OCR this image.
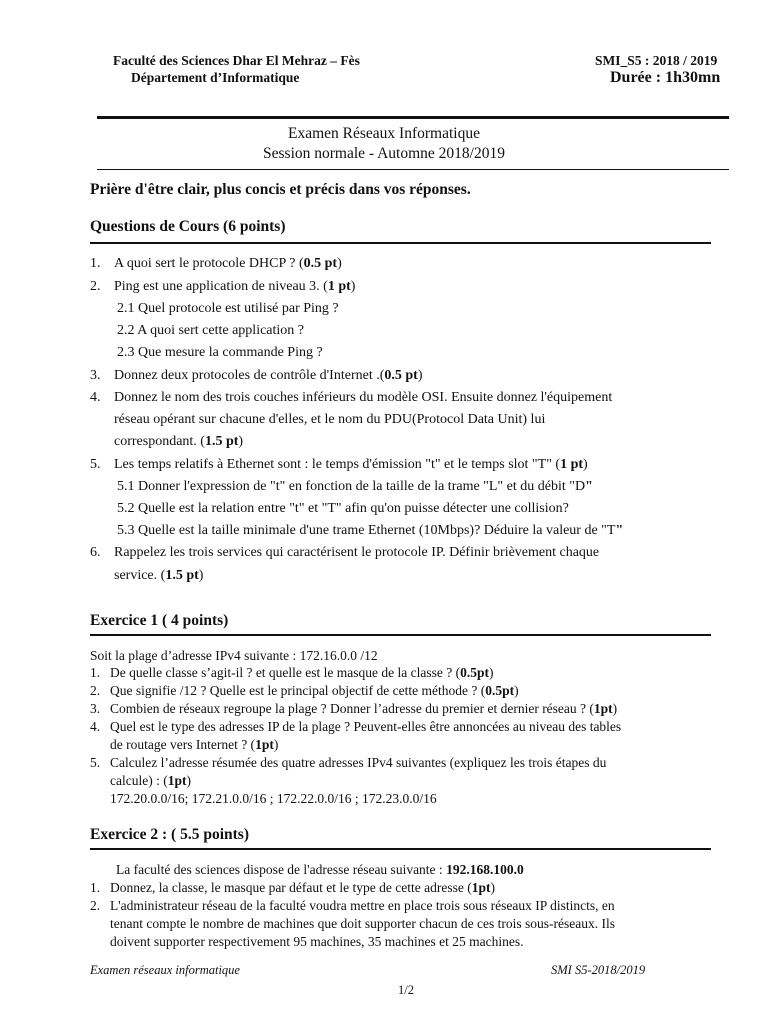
Faculté des Sciences Dhar El Mehraz – Fès
Département d’Informatique
SMI_S5 : 2018 / 2019
Durée : 1h30mn
Examen Réseaux Informatique
Session normale - Automne 2018/2019
Prière d'être clair, plus concis et précis dans vos réponses.
Questions de Cours (6 points)
1. A quoi sert le protocole DHCP ? (0.5 pt)
2. Ping est une application de niveau 3. (1 pt)
2.1 Quel protocole est utilisé par Ping ?
2.2 A quoi sert cette application ?
2.3 Que mesure la commande Ping ?
3. Donnez deux protocoles de contrôle d'Internet .(0.5 pt)
4. Donnez le nom des trois couches inférieurs du modèle OSI. Ensuite donnez l'équipement
réseau opérant sur chacune d'elles, et le nom du PDU(Protocol Data Unit) lui
correspondant. (1.5 pt)
5. Les temps relatifs à Ethernet sont : le temps d'émission "t" et le temps slot "T" (1 pt)
5.1 Donner l'expression de "t" en fonction de la taille de la trame "L" et du débit "D"
5.2 Quelle est la relation entre "t" et "T" afin qu'on puisse détecter une collision?
5.3 Quelle est la taille minimale d'une trame Ethernet (10Mbps)? Déduire la valeur de "T"
6. Rappelez les trois services qui caractérisent le protocole IP. Définir brièvement chaque
service. (1.5 pt)
Exercice 1 ( 4 points)
Soit la plage d’adresse IPv4 suivante : 172.16.0.0 /12
1. De quelle classe s’agit-il ? et quelle est le masque de la classe ? (0.5pt)
2. Que signifie /12 ? Quelle est le principal objectif de cette méthode ? (0.5pt)
3. Combien de réseaux regroupe la plage ? Donner l’adresse du premier et dernier réseau ? (1pt)
4. Quel est le type des adresses IP de la plage ? Peuvent-elles être annoncées au niveau des tables
de routage vers Internet ? (1pt)
5. Calculez l’adresse résumée des quatre adresses IPv4 suivantes (expliquez les trois étapes du
calcule) : (1pt)
172.20.0.0/16; 172.21.0.0/16 ; 172.22.0.0/16 ; 172.23.0.0/16
Exercice 2 : ( 5.5 points)
La faculté des sciences dispose de l'adresse réseau suivante : 192.168.100.0
1. Donnez, la classe, le masque par défaut et le type de cette adresse (1pt)
2. L'administrateur réseau de la faculté voudra mettre en place trois sous réseaux IP distincts, en
tenant compte le nombre de machines que doit supporter chacun de ces trois sous-réseaux. Ils
doivent supporter respectivement 95 machines, 35 machines et 25 machines.
Examen réseaux informatique	SMI S5-2018/2019
1/2
